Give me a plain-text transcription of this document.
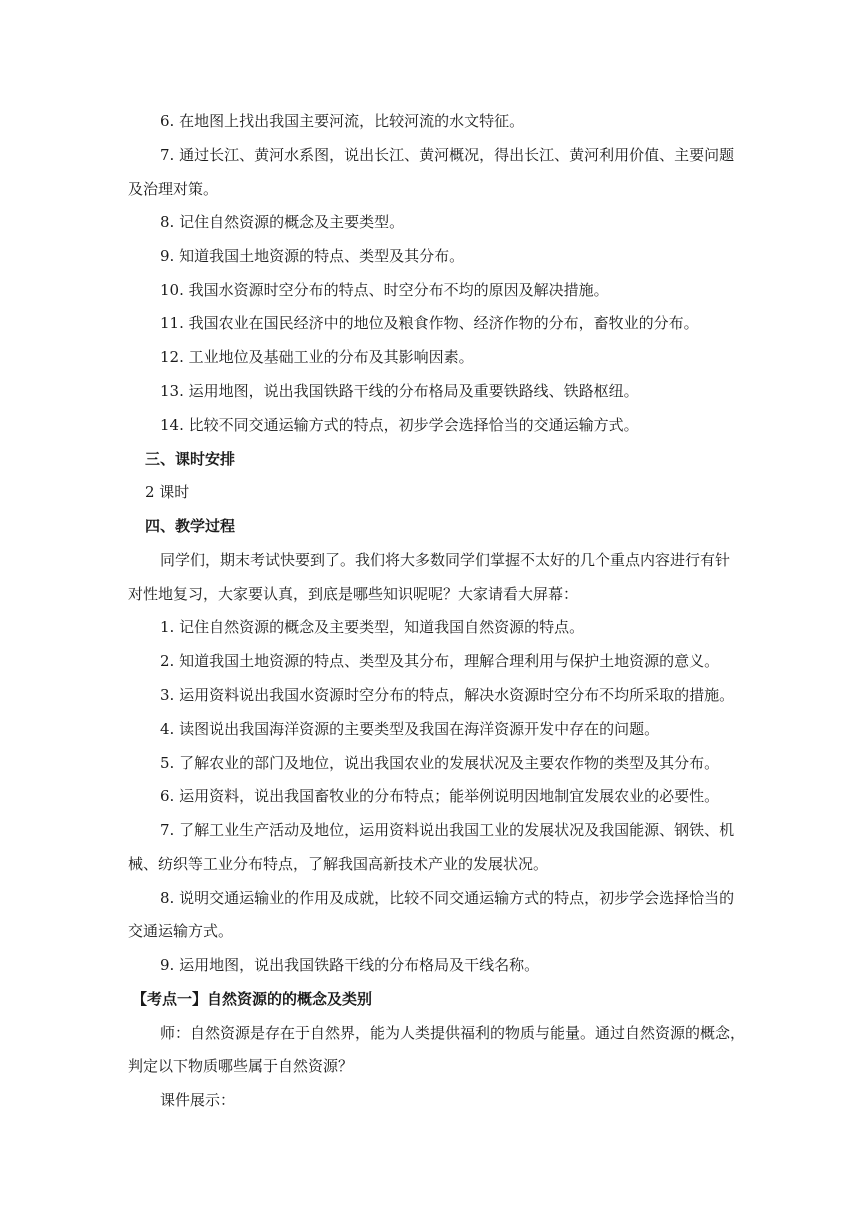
6. 在地图上找出我国主要河流，比较河流的水文特征。
7. 通过长江、黄河水系图，说出长江、黄河概况，得出长江、黄河利用价值、主要问题
及治理对策。
8. 记住自然资源的概念及主要类型。
9. 知道我国土地资源的特点、类型及其分布。
10. 我国水资源时空分布的特点、时空分布不均的原因及解决措施。
11. 我国农业在国民经济中的地位及粮食作物、经济作物的分布，畜牧业的分布。
12. 工业地位及基础工业的分布及其影响因素。
13. 运用地图，说出我国铁路干线的分布格局及重要铁路线、铁路枢纽。
14. 比较不同交通运输方式的特点，初步学会选择恰当的交通运输方式。
三、课时安排
2 课时
四、教学过程
同学们，期末考试快要到了。我们将大多数同学们掌握不太好的几个重点内容进行有针
对性地复习，大家要认真，到底是哪些知识呢呢？大家请看大屏幕：
1. 记住自然资源的概念及主要类型，知道我国自然资源的特点。
2. 知道我国土地资源的特点、类型及其分布，理解合理利用与保护土地资源的意义。
3. 运用资料说出我国水资源时空分布的特点，解决水资源时空分布不均所采取的措施。
4. 读图说出我国海洋资源的主要类型及我国在海洋资源开发中存在的问题。
5. 了解农业的部门及地位，说出我国农业的发展状况及主要农作物的类型及其分布。
6. 运用资料，说出我国畜牧业的分布特点；能举例说明因地制宜发展农业的必要性。
7. 了解工业生产活动及地位，运用资料说出我国工业的发展状况及我国能源、钢铁、机
械、纺织等工业分布特点，了解我国高新技术产业的发展状况。
8. 说明交通运输业的作用及成就，比较不同交通运输方式的特点，初步学会选择恰当的
交通运输方式。
9. 运用地图，说出我国铁路干线的分布格局及干线名称。
【考点一】自然资源的的概念及类别
师：自然资源是存在于自然界，能为人类提供福利的物质与能量。通过自然资源的概念，
判定以下物质哪些属于自然资源？
课件展示：
